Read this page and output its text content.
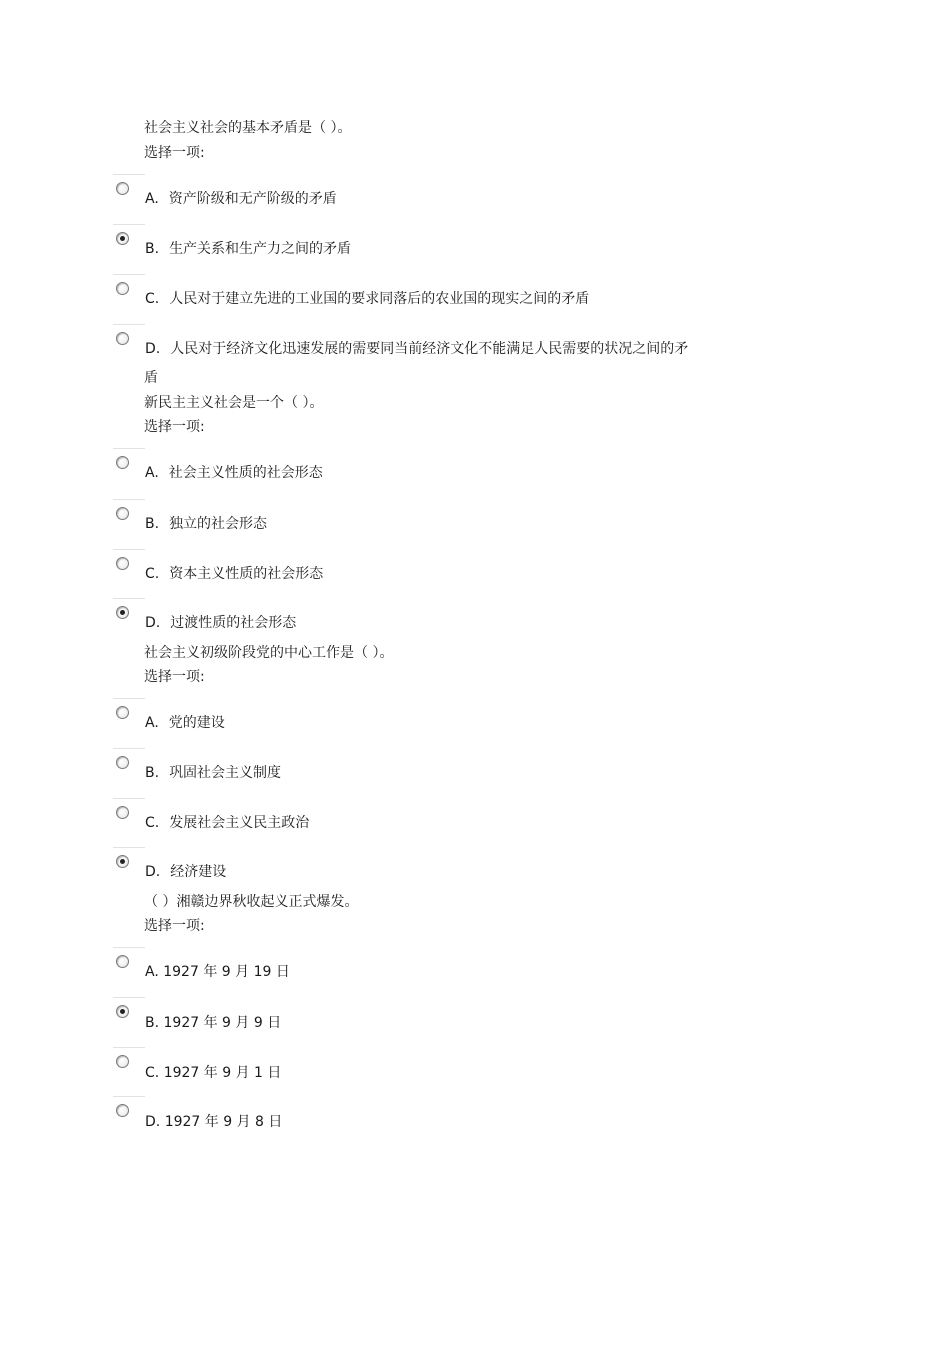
社会主义社会的基本矛盾是（ ）。
选择一项:
A. 资产阶级和无产阶级的矛盾
B. 生产关系和生产力之间的矛盾
C. 人民对于建立先进的工业国的要求同落后的农业国的现实之间的矛盾
D. 人民对于经济文化迅速发展的需要同当前经济文化不能满足人民需要的状况之间的矛
盾
新民主主义社会是一个（ ）。
选择一项:
A. 社会主义性质的社会形态
B. 独立的社会形态
C. 资本主义性质的社会形态
D. 过渡性质的社会形态
社会主义初级阶段党的中心工作是（ ）。
选择一项:
A. 党的建设
B. 巩固社会主义制度
C. 发展社会主义民主政治
D. 经济建设
（ ）湘赣边界秋收起义正式爆发。
选择一项:
A. 1927 年 9 月 19 日
B. 1927 年 9 月 9 日
C. 1927 年 9 月 1 日
D. 1927 年 9 月 8 日
